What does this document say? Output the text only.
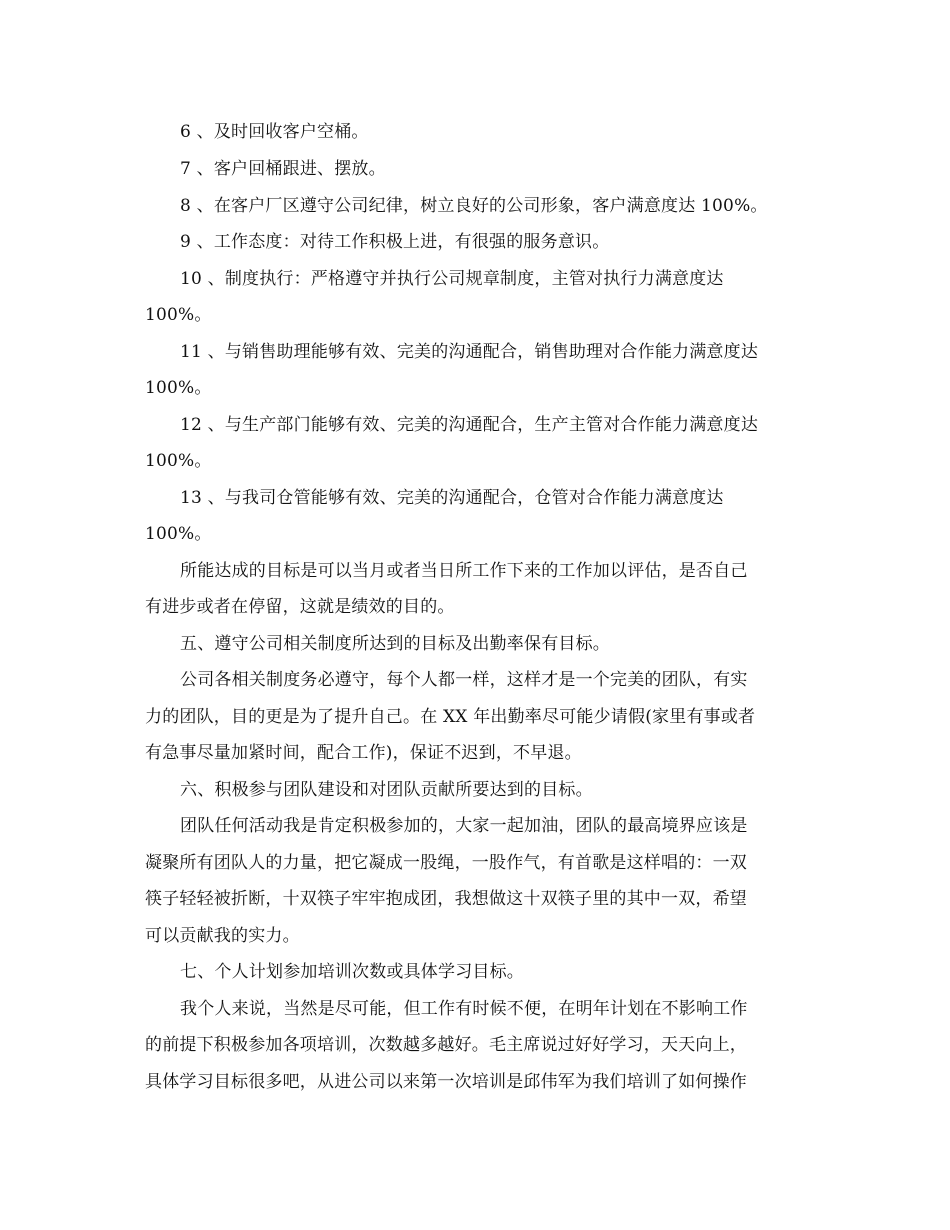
6 、及时回收客户空桶。
7 、客户回桶跟进、摆放。
8 、在客户厂区遵守公司纪律，树立良好的公司形象，客户满意度达 100%。
9 、工作态度：对待工作积极上进，有很强的服务意识。
10 、制度执行：严格遵守并执行公司规章制度，主管对执行力满意度达
100%。
11 、与销售助理能够有效、完美的沟通配合，销售助理对合作能力满意度达
100%。
12 、与生产部门能够有效、完美的沟通配合，生产主管对合作能力满意度达
100%。
13 、与我司仓管能够有效、完美的沟通配合，仓管对合作能力满意度达
100%。
所能达成的目标是可以当月或者当日所工作下来的工作加以评估，是否自己
有进步或者在停留，这就是绩效的目的。
五、遵守公司相关制度所达到的目标及出勤率保有目标。
公司各相关制度务必遵守，每个人都一样，这样才是一个完美的团队，有实
力的团队，目的更是为了提升自己。在 XX 年出勤率尽可能少请假(家里有事或者
有急事尽量加紧时间，配合工作)，保证不迟到，不早退。
六、积极参与团队建设和对团队贡献所要达到的目标。
团队任何活动我是肯定积极参加的，大家一起加油，团队的最高境界应该是
凝聚所有团队人的力量，把它凝成一股绳，一股作气，有首歌是这样唱的：一双
筷子轻轻被折断，十双筷子牢牢抱成团，我想做这十双筷子里的其中一双，希望
可以贡献我的实力。
七、个人计划参加培训次数或具体学习目标。
我个人来说，当然是尽可能，但工作有时候不便，在明年计划在不影响工作
的前提下积极参加各项培训，次数越多越好。毛主席说过好好学习，天天向上，
具体学习目标很多吧，从进公司以来第一次培训是邱伟军为我们培训了如何操作
